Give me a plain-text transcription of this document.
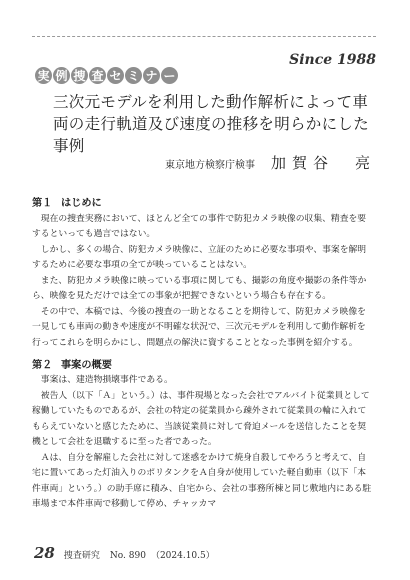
Since 1988
実 例 捜 査 セ ミ ナ ー
三次元モデルを利用した動作解析によって車両の走行軌道及び速度の推移を明らかにした事例
東京地方検察庁検事 加賀谷　亮
第１ はじめに

現在の捜査実務において、ほとんど全ての事件で防犯カメラ映像の収集、精査を要するといっても過言ではない。

しかし、多くの場合、防犯カメラ映像に、立証のために必要な事項や、事案を解明するために必要な事項の全てが映っていることはない。

また、防犯カメラ映像に映っている事項に関しても、撮影の角度や撮影の条件等から、映像を見ただけでは全ての事象が把握できないという場合も存在する。

その中で、本稿では、今後の捜査の一助となることを期待して、防犯カメラ映像を一見しても車両の動きや速度が不明確な状況で、三次元モデルを利用して動作解析を行ってこれらを明らかにし、問題点の解決に資することとなった事例を紹介する。

第２ 事案の概要

事案は、建造物損壊事件である。

被告人（以下「Ａ」という。）は、事件現場となった会社でアルバイト従業員として稼働していたものであるが、会社の特定の従業員から疎外されて従業員の輪に入れてもらえていないと感じたために、当該従業員に対して脅迫メールを送信したことを契機として会社を退職するに至った者であった。

Ａは、自分を解雇した会社に対して迷惑をかけて焼身自殺してやろうと考えて、自宅に置いてあった灯油入りのポリタンクをＡ自身が使用していた軽自動車（以下「本件車両」という。）の助手席に積み、自宅から、会社の事務所棟と同じ敷地内にある駐車場まで本件車両で移動して停め、チャッカマ

28 捜査研究 No. 890 （2024.10.5）
